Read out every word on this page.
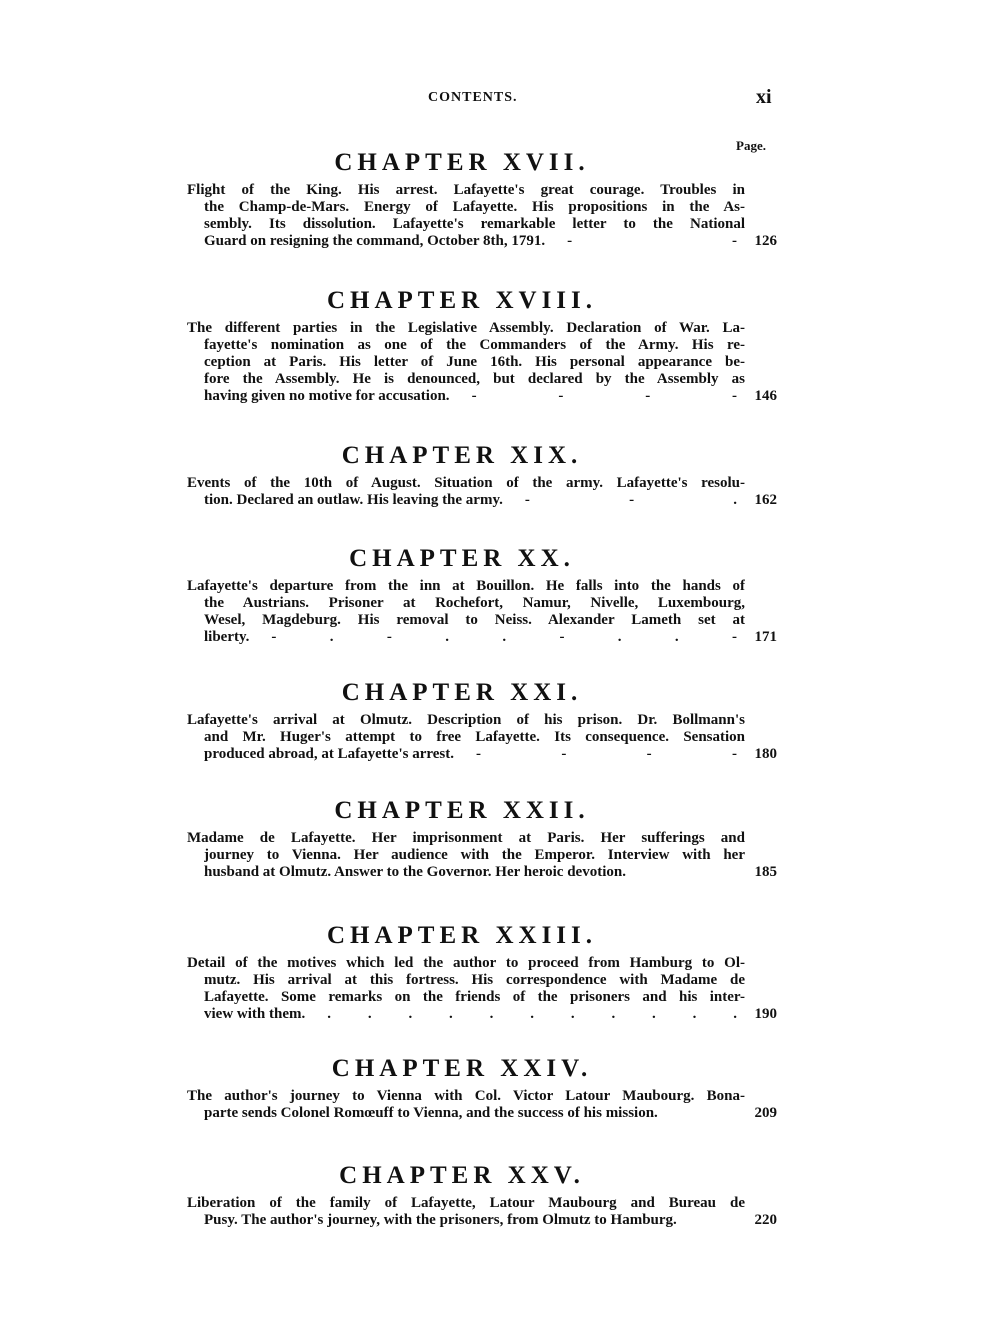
CONTENTS.	xi
Page.
CHAPTER XVII.
Flight of the King. His arrest. Lafayette's great courage. Troubles in
the Champ-de-Mars. Energy of Lafayette. His propositions in the As-
sembly. Its dissolution. Lafayette's remarkable letter to the National
Guard on resigning the command, October 8th, 1791.	- -	126
CHAPTER XVIII.
The different parties in the Legislative Assembly. Declaration of War. La-
fayette's nomination as one of the Commanders of the Army. His re-
ception at Paris. His letter of June 16th. His personal appearance be-
fore the Assembly. He is denounced, but declared by the Assembly as
having given no motive for accusation.	- - - -	146
CHAPTER XIX.
Events of the 10th of August. Situation of the army. Lafayette's resolu-
tion. Declared an outlaw. His leaving the army.	- - .	162
CHAPTER XX.
Lafayette's departure from the inn at Bouillon. He falls into the hands of
the Austrians. Prisoner at Rochefort, Namur, Nivelle, Luxembourg,
Wesel, Magdeburg. His removal to Neiss. Alexander Lameth set at
liberty.	- . - . . - . . -	171
CHAPTER XXI.
Lafayette's arrival at Olmutz. Description of his prison. Dr. Bollmann's
and Mr. Huger's attempt to free Lafayette. Its consequence. Sensation
produced abroad, at Lafayette's arrest.	- - - -	180
CHAPTER XXII.
Madame de Lafayette. Her imprisonment at Paris. Her sufferings and
journey to Vienna. Her audience with the Emperor. Interview with her
husband at Olmutz. Answer to the Governor. Her heroic devotion.	185
CHAPTER XXIII.
Detail of the motives which led the author to proceed from Hamburg to Ol-
mutz. His arrival at this fortress. His correspondence with Madame de
Lafayette. Some remarks on the friends of the prisoners and his inter-
view with them.	. . . . . . . . . . .	190
CHAPTER XXIV.
The author's journey to Vienna with Col. Victor Latour Maubourg. Bona-
parte sends Colonel Romœuff to Vienna, and the success of his mission.	209
CHAPTER XXV.
Liberation of the family of Lafayette, Latour Maubourg and Bureau de
Pusy. The author's journey, with the prisoners, from Olmutz to Hamburg.	220
